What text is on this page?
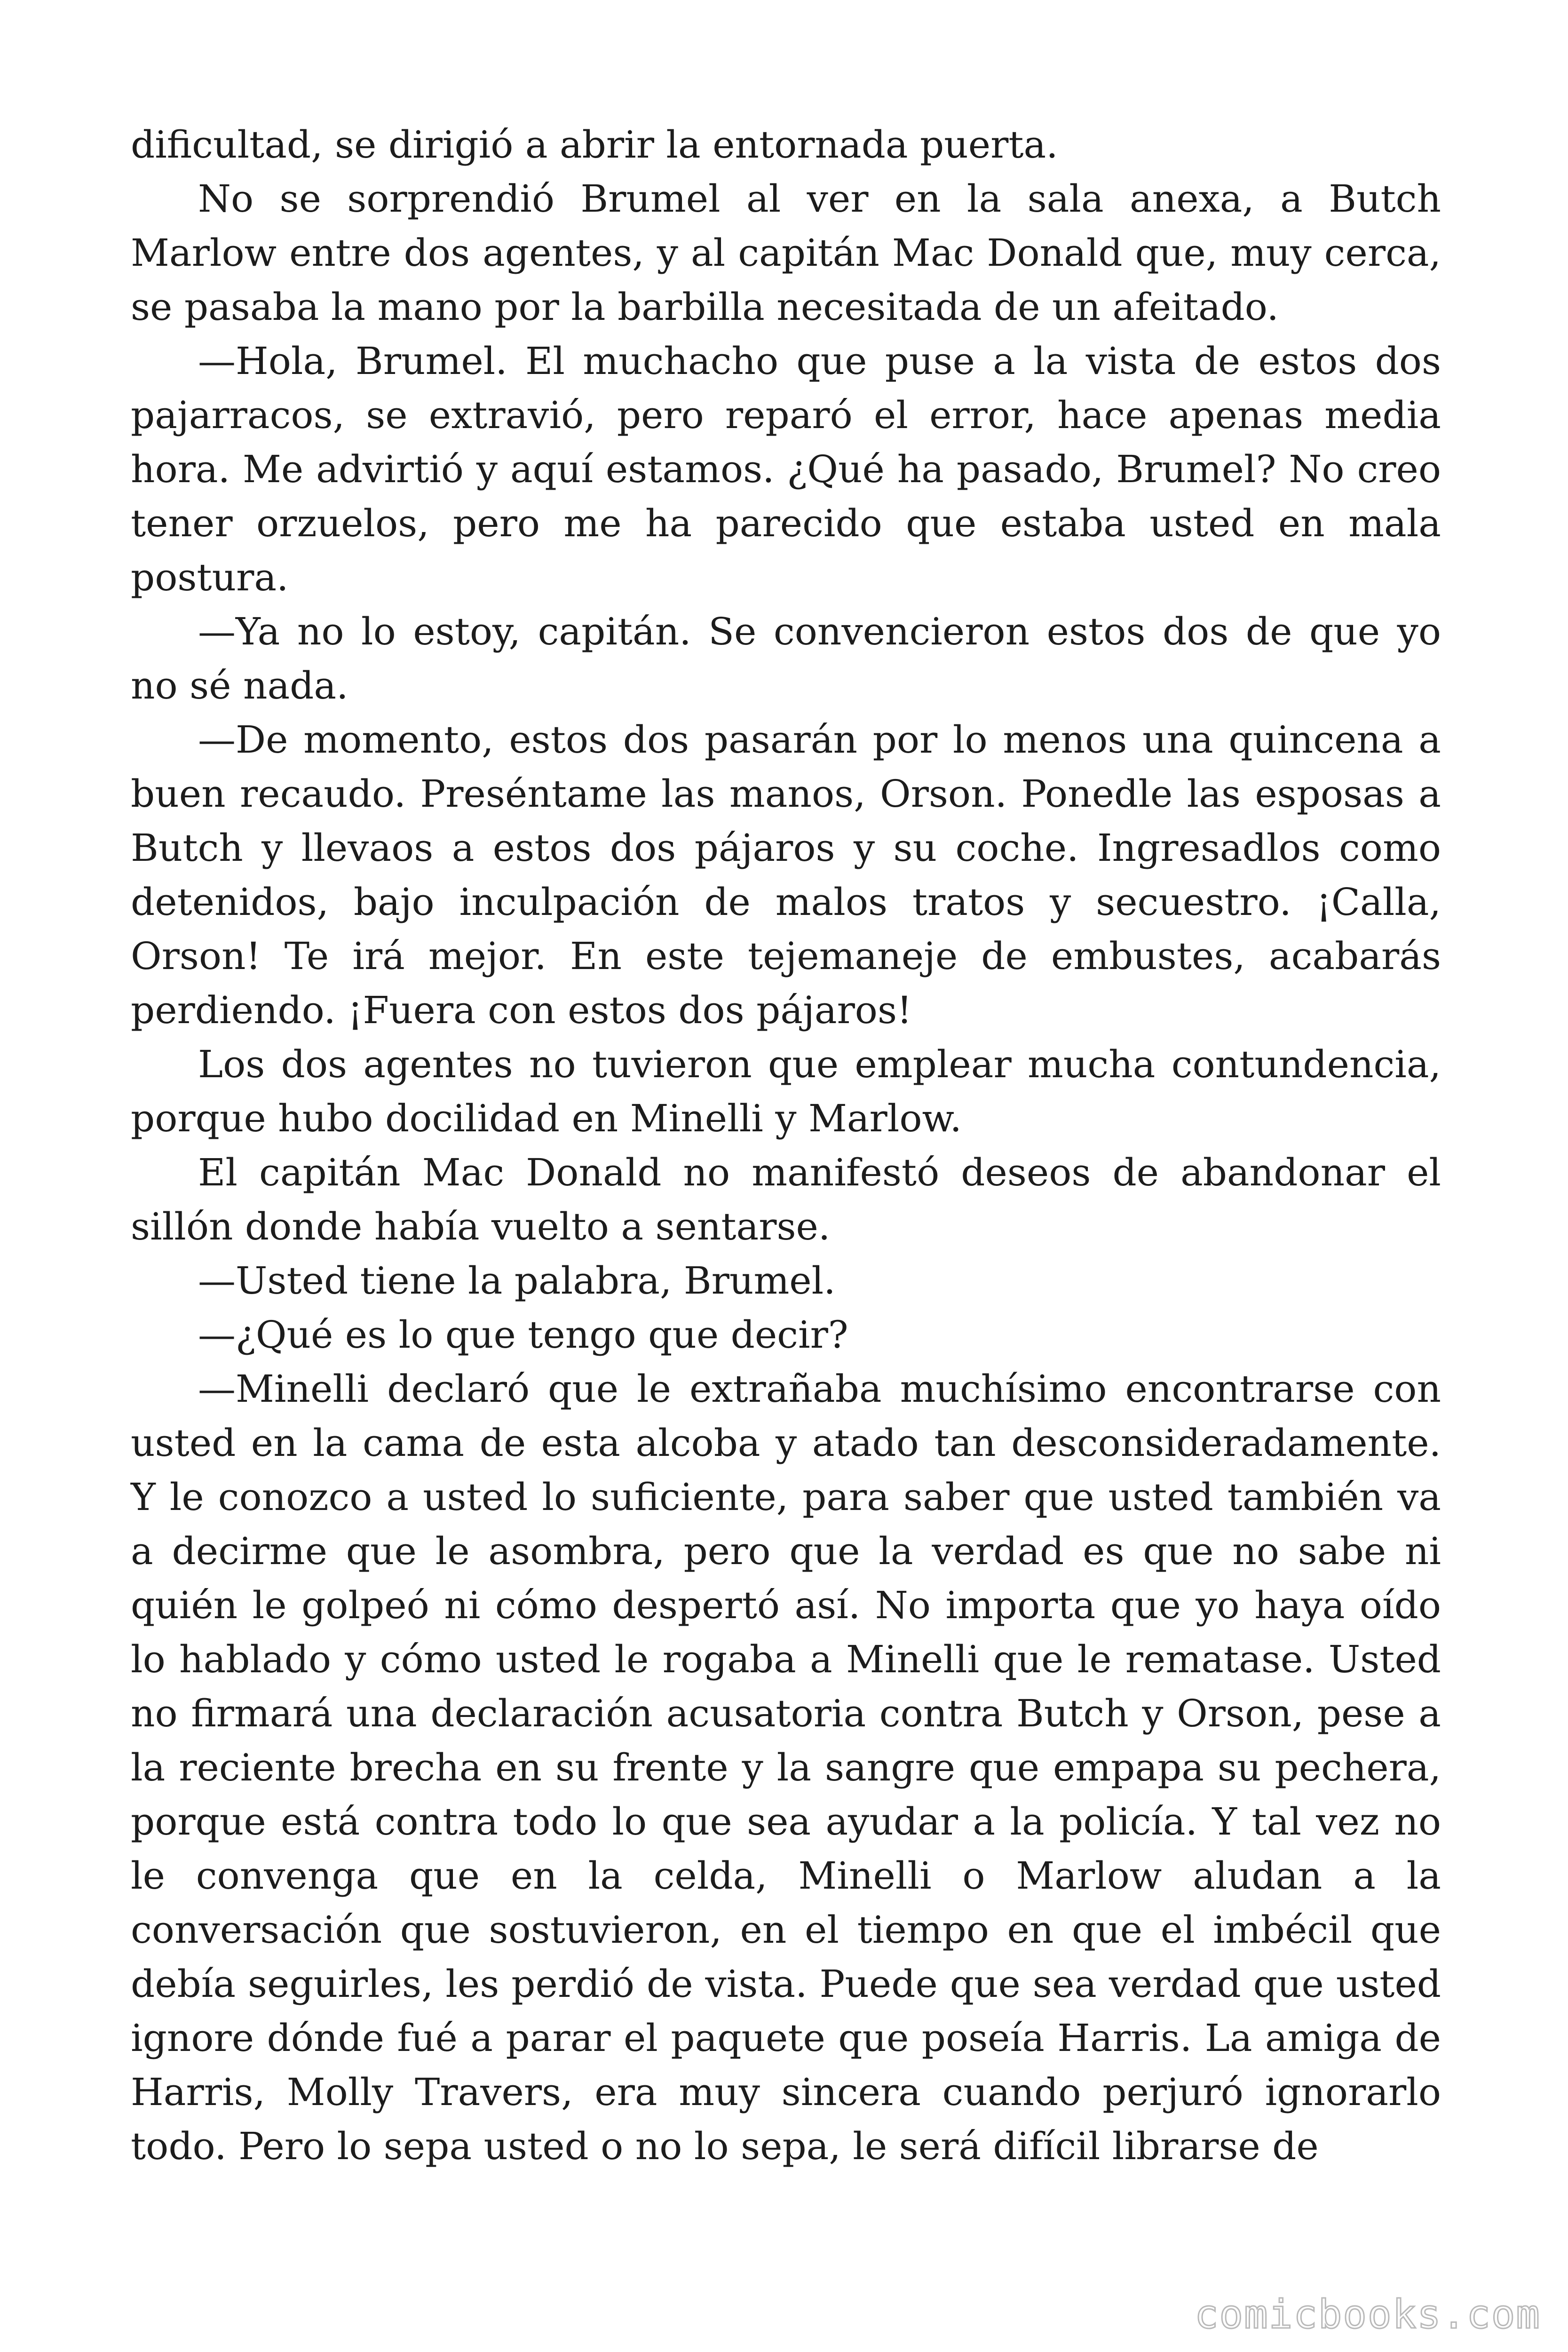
dificultad, se dirigió a abrir la entornada puerta.

No se sorprendió Brumel al ver en la sala anexa, a Butch Marlow entre dos agentes, y al capitán Mac Donald que, muy cerca, se pasaba la mano por la barbilla necesitada de un afeitado.

—Hola, Brumel. El muchacho que puse a la vista de estos dos pajarracos, se extravió, pero reparó el error, hace apenas media hora. Me advirtió y aquí estamos. ¿Qué ha pasado, Brumel? No creo tener orzuelos, pero me ha parecido que estaba usted en mala postura.

—Ya no lo estoy, capitán. Se convencieron estos dos de que yo no sé nada.

—De momento, estos dos pasarán por lo menos una quincena a buen recaudo. Preséntame las manos, Orson. Ponedle las esposas a Butch y llevaos a estos dos pájaros y su coche. Ingresadlos como detenidos, bajo inculpación de malos tratos y secuestro. ¡Calla, Orson! Te irá mejor. En este tejemaneje de embustes, acabarás perdiendo. ¡Fuera con estos dos pájaros!

Los dos agentes no tuvieron que emplear mucha contundencia, porque hubo docilidad en Minelli y Marlow.

El capitán Mac Donald no manifestó deseos de abandonar el sillón donde había vuelto a sentarse.

—Usted tiene la palabra, Brumel.

—¿Qué es lo que tengo que decir?

—Minelli declaró que le extrañaba muchísimo encontrarse con usted en la cama de esta alcoba y atado tan desconsideradamente. Y le conozco a usted lo suficiente, para saber que usted también va a decirme que le asombra, pero que la verdad es que no sabe ni quién le golpeó ni cómo despertó así. No importa que yo haya oído lo hablado y cómo usted le rogaba a Minelli que le rematase. Usted no firmará una declaración acusatoria contra Butch y Orson, pese a la reciente brecha en su frente y la sangre que empapa su pechera, porque está contra todo lo que sea ayudar a la policía. Y tal vez no le convenga que en la celda, Minelli o Marlow aludan a la conversación que sostuvieron, en el tiempo en que el imbécil que debía seguirles, les perdió de vista. Puede que sea verdad que usted ignore dónde fué a parar el paquete que poseía Harris. La amiga de Harris, Molly Travers, era muy sincera cuando perjuró ignorarlo todo. Pero lo sepa usted o no lo sepa, le será difícil librarse de

comicbooks.com
